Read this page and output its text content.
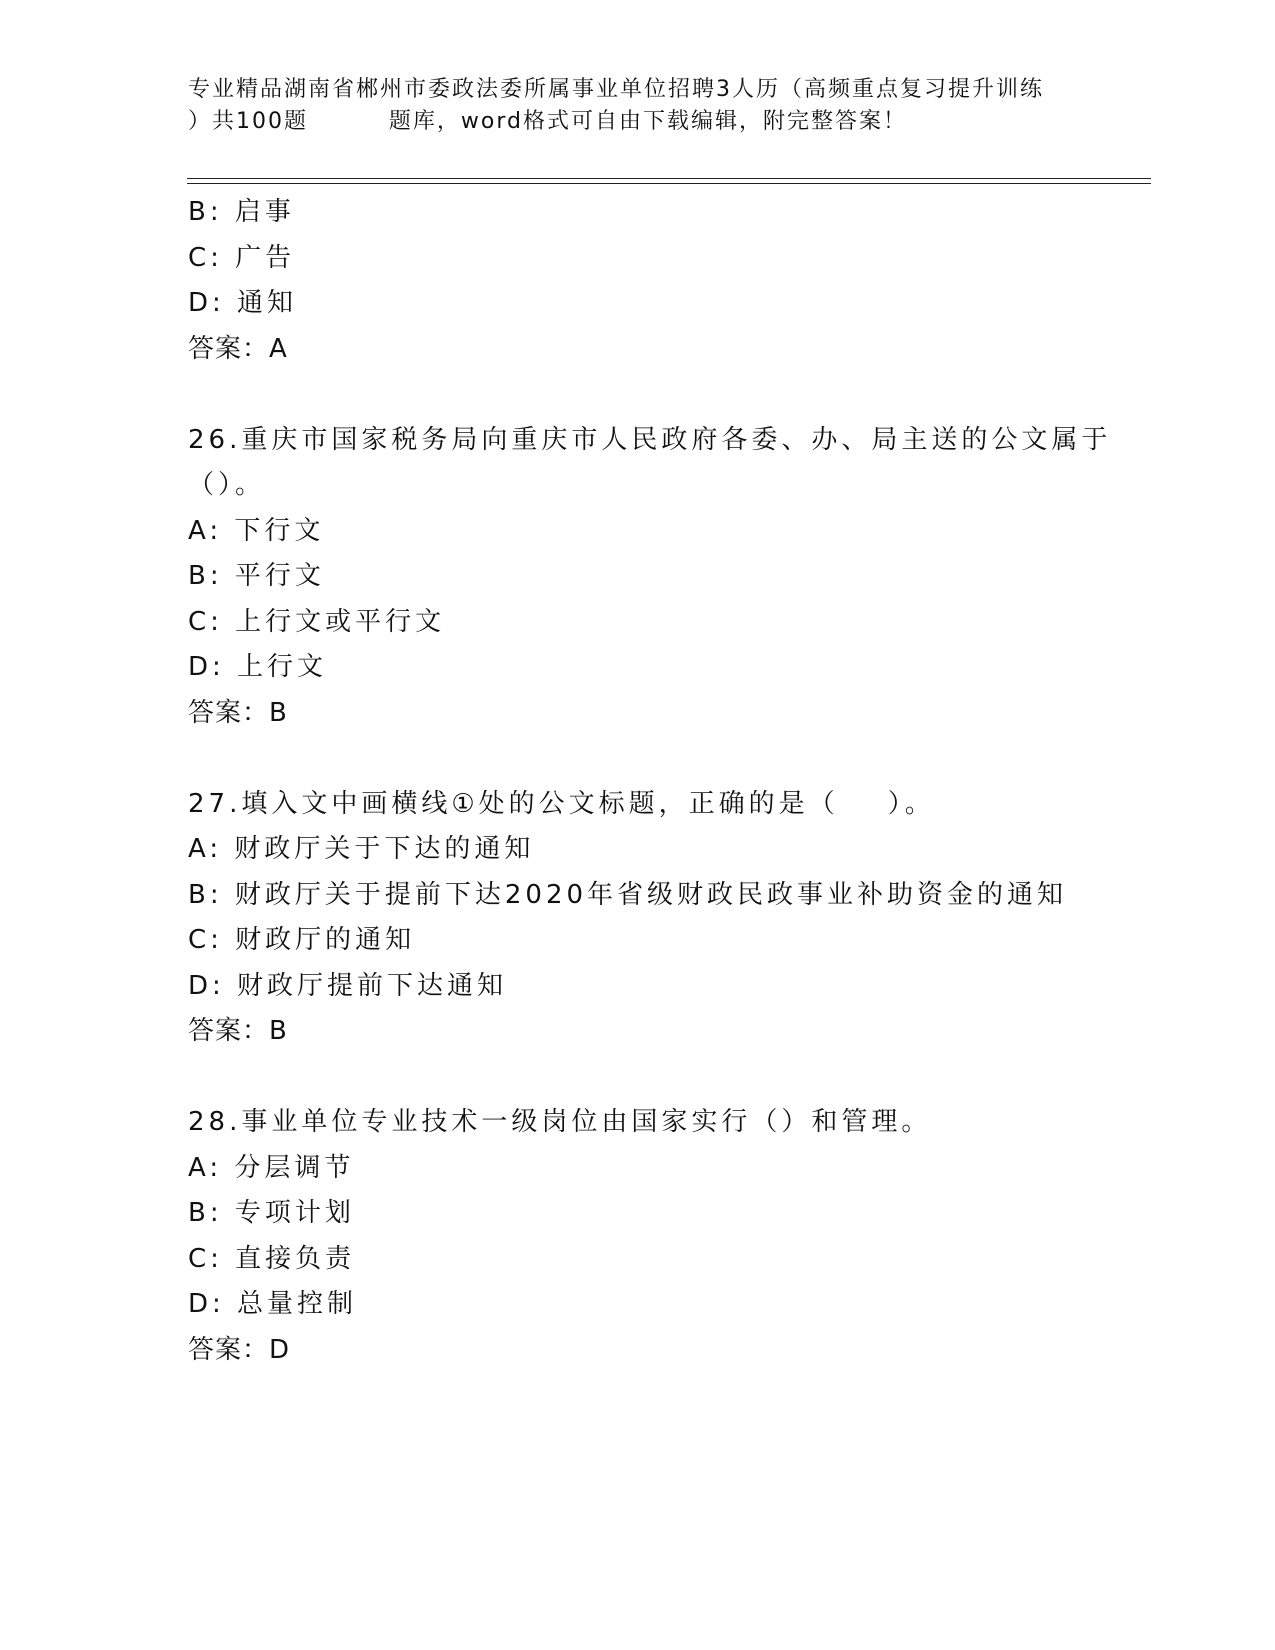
专业精品湖南省郴州市委政法委所属事业单位招聘3人历（高频重点复习提升训练
）共100题         题库，word格式可自由下载编辑，附完整答案！
B: 启事
C: 广告
D: 通知
答案：A
26.重庆市国家税务局向重庆市人民政府各委、办、局主送的公文属于
（）。
A: 下行文
B: 平行文
C: 上行文或平行文
D: 上行文
答案：B
27.填入文中画横线①处的公文标题，正确的是（    ）。
A: 财政厅关于下达的通知
B: 财政厅关于提前下达2020年省级财政民政事业补助资金的通知
C: 财政厅的通知
D: 财政厅提前下达通知
答案：B
28.事业单位专业技术一级岗位由国家实行（）和管理。
A: 分层调节
B: 专项计划
C: 直接负责
D: 总量控制
答案：D
